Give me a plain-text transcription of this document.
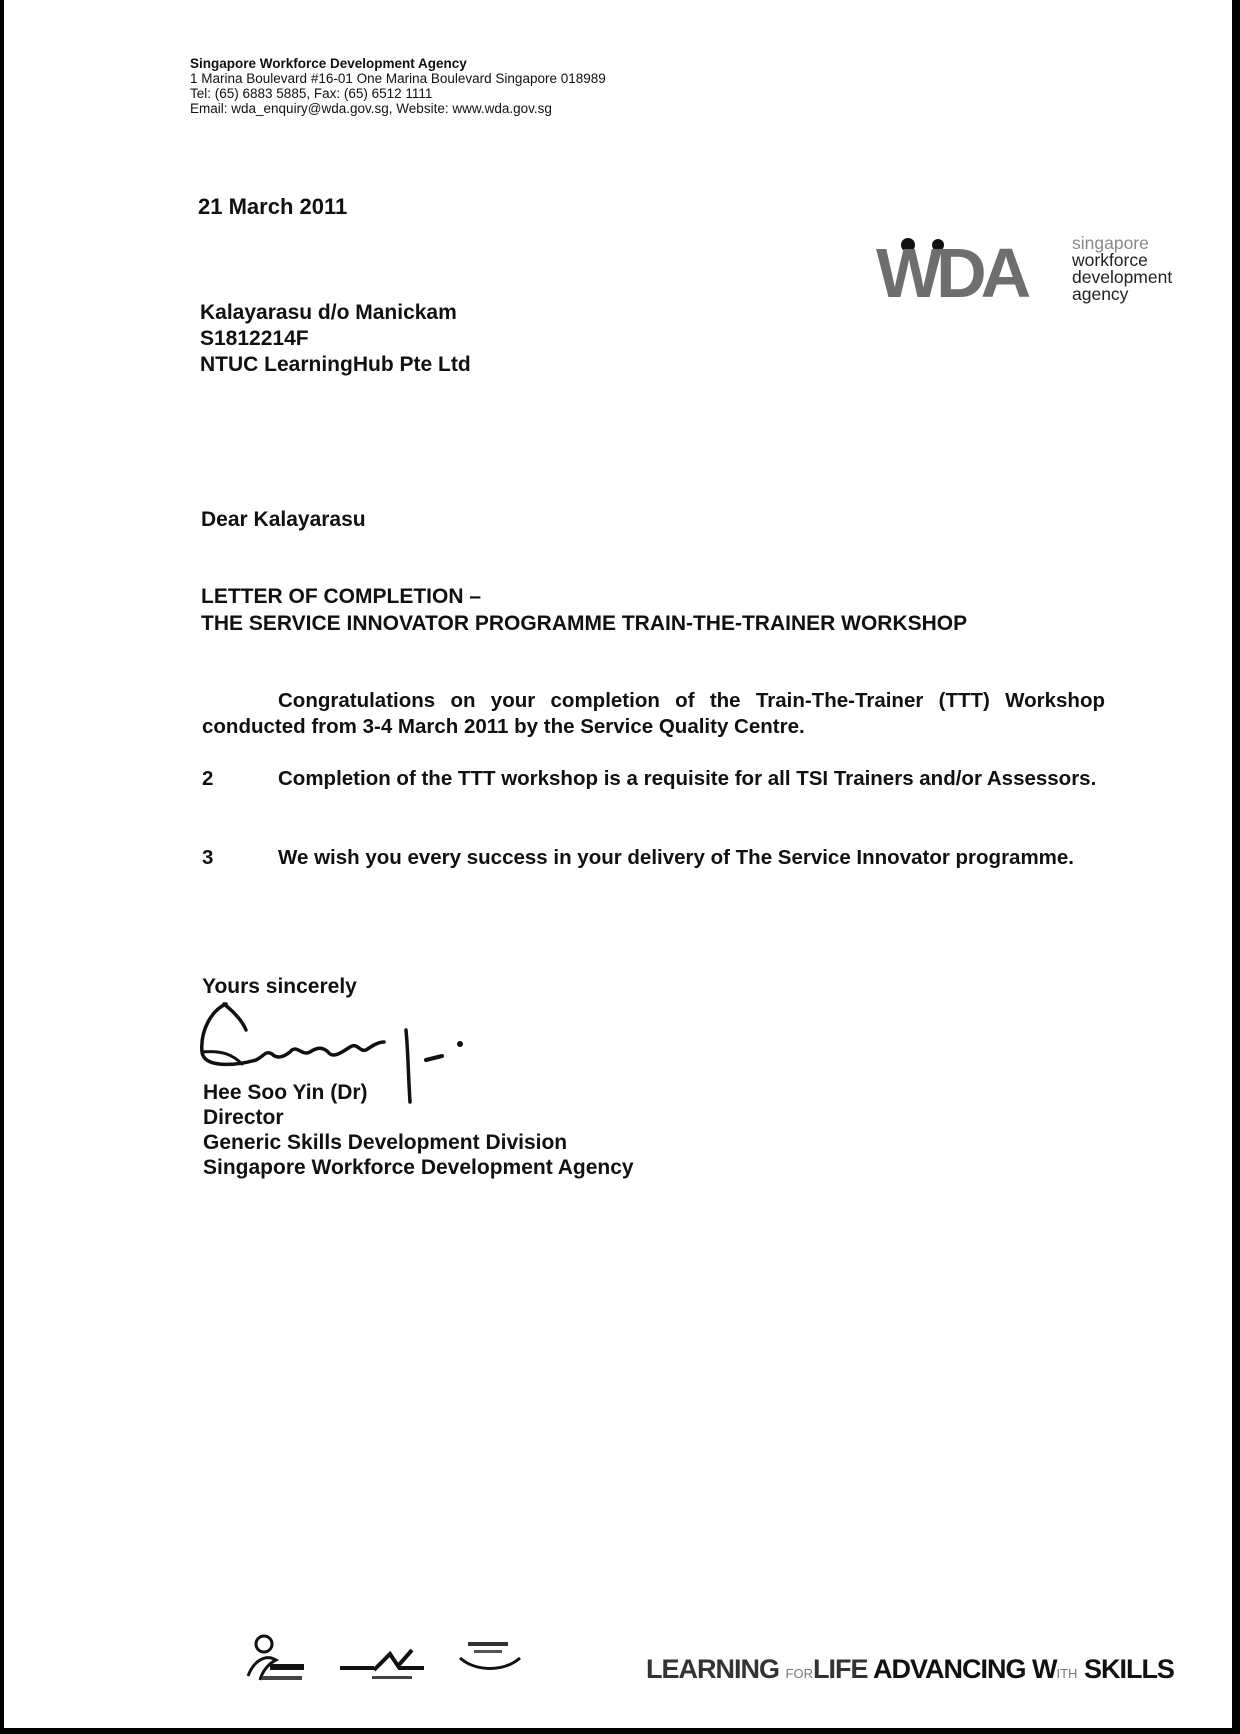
Singapore Workforce Development Agency
1 Marina Boulevard #16-01 One Marina Boulevard Singapore 018989
Tel: (65) 6883 5885, Fax: (65) 6512 1111
Email: wda_enquiry@wda.gov.sg, Website: www.wda.gov.sg
WDA	singapore
workforce
development
agency
21 March 2011
Kalayarasu d/o Manickam
S1812214F
NTUC LearningHub Pte Ltd
Dear Kalayarasu
LETTER OF COMPLETION –
THE SERVICE INNOVATOR PROGRAMME TRAIN-THE-TRAINER WORKSHOP
Congratulations on your completion of the Train-The-Trainer (TTT) Workshop conducted from 3-4 March 2011 by the Service Quality Centre.
2	Completion of the TTT workshop is a requisite for all TSI Trainers and/or Assessors.
3	We wish you every success in your delivery of The Service Innovator programme.
Yours sincerely
Hee Soo Yin (Dr)
Director
Generic Skills Development Division
Singapore Workforce Development Agency
LEARNING FORLIFE ADVANCING WITH SKILLS
